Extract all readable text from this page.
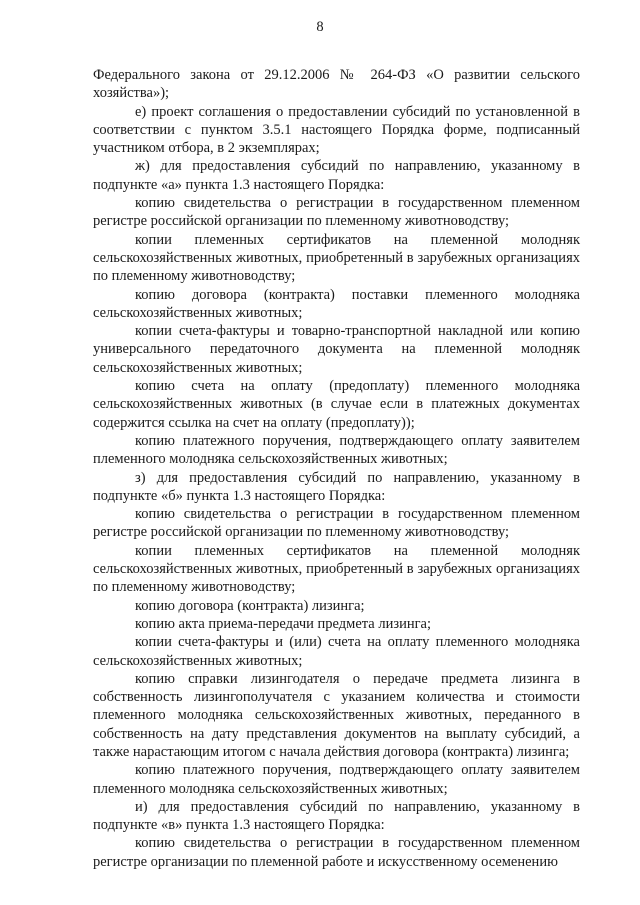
8

Федерального закона от 29.12.2006 № 264-ФЗ «О развитии сельского хозяйства»);

е) проект соглашения о предоставлении субсидий по установленной в соответствии с пунктом 3.5.1 настоящего Порядка форме, подписанный участником отбора, в 2 экземплярах;

ж) для предоставления субсидий по направлению, указанному в подпункте «а» пункта 1.3 настоящего Порядка:

копию свидетельства о регистрации в государственном племенном регистре российской организации по племенному животноводству;

копии племенных сертификатов на племенной молодняк сельскохозяйственных животных, приобретенный в зарубежных организациях по племенному животноводству;

копию договора (контракта) поставки племенного молодняка сельскохозяйственных животных;

копии счета-фактуры и товарно-транспортной накладной или копию универсального передаточного документа на племенной молодняк сельскохозяйственных животных;

копию счета на оплату (предоплату) племенного молодняка сельскохозяйственных животных (в случае если в платежных документах содержится ссылка на счет на оплату (предоплату));

копию платежного поручения, подтверждающего оплату заявителем племенного молодняка сельскохозяйственных животных;

з) для предоставления субсидий по направлению, указанному в подпункте «б» пункта 1.3 настоящего Порядка:

копию свидетельства о регистрации в государственном племенном регистре российской организации по племенному животноводству;

копии племенных сертификатов на племенной молодняк сельскохозяйственных животных, приобретенный в зарубежных организациях по племенному животноводству;

копию договора (контракта) лизинга;

копию акта приема-передачи предмета лизинга;

копии счета-фактуры и (или) счета на оплату племенного молодняка сельскохозяйственных животных;

копию справки лизингодателя о передаче предмета лизинга в собственность лизингополучателя с указанием количества и стоимости племенного молодняка сельскохозяйственных животных, переданного в собственность на дату представления документов на выплату субсидий, а также нарастающим итогом с начала действия договора (контракта) лизинга;

копию платежного поручения, подтверждающего оплату заявителем племенного молодняка сельскохозяйственных животных;

и) для предоставления субсидий по направлению, указанному в подпункте «в» пункта 1.3 настоящего Порядка:

копию свидетельства о регистрации в государственном племенном регистре организации по племенной работе и искусственному осеменению
